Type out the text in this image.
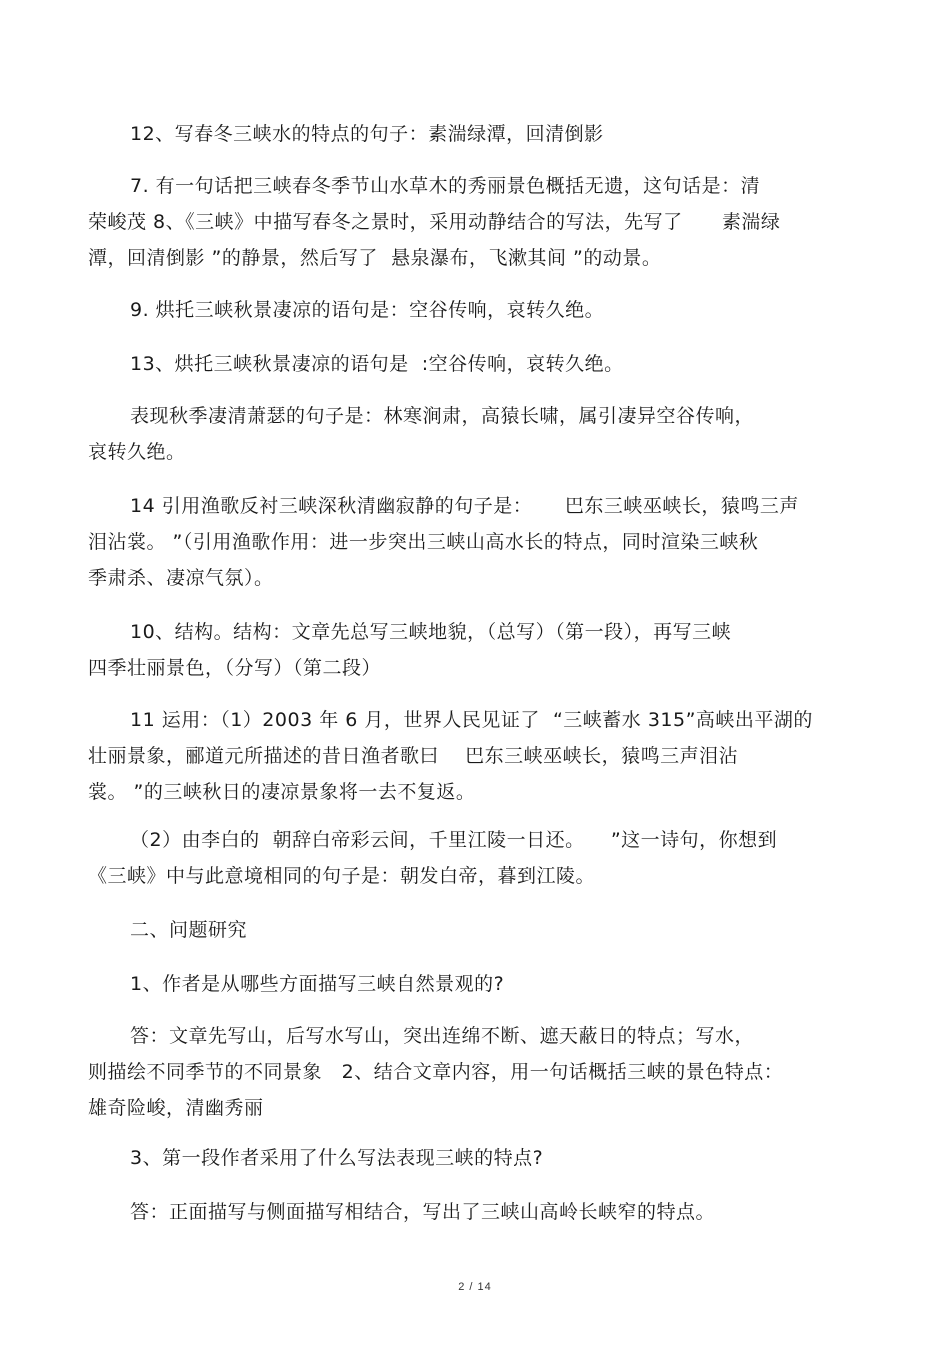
12、写春冬三峡水的特点的句子：素湍绿潭，回清倒影
7. 有一句话把三峡春冬季节山水草木的秀丽景色概括无遗，这句话是：清
荣峻茂 8、《三峡》中描写春冬之景时，采用动静结合的写法，先写了      素湍绿
潭，回清倒影 ”的静景，然后写了  悬泉瀑布，飞漱其间 ”的动景。
9. 烘托三峡秋景凄凉的语句是：空谷传响，哀转久绝。
13、烘托三峡秋景凄凉的语句是  :空谷传响，哀转久绝。
表现秋季凄清萧瑟的句子是：林寒涧肃，高猿长啸，属引凄异空谷传响，
哀转久绝。
14 引用渔歌反衬三峡深秋清幽寂静的句子是：     巴东三峡巫峡长，猿鸣三声
泪沾裳。 ”（引用渔歌作用：进一步突出三峡山高水长的特点，同时渲染三峡秋
季肃杀、凄凉气氛）。
10、结构。结构：文章先总写三峡地貌，（总写）（第一段），再写三峡
四季壮丽景色，（分写）（第二段）
11 运用：（1）2003 年 6 月，世界人民见证了  “三峡蓄水 315”高峡出平湖的
壮丽景象，郦道元所描述的昔日渔者歌曰    巴东三峡巫峡长，猿鸣三声泪沾
裳。 ”的三峡秋日的凄凉景象将一去不复返。
（2）由李白的  朝辞白帝彩云间，千里江陵一日还。    ”这一诗句，你想到
《三峡》中与此意境相同的句子是：朝发白帝，暮到江陵。
二、问题研究
1、作者是从哪些方面描写三峡自然景观的?
答：文章先写山，后写水写山，突出连绵不断、遮天蔽日的特点；写水，
则描绘不同季节的不同景象   2、结合文章内容，用一句话概括三峡的景色特点：
雄奇险峻，清幽秀丽
3、第一段作者采用了什么写法表现三峡的特点?
答：正面描写与侧面描写相结合，写出了三峡山高岭长峡窄的特点。
2 / 14
